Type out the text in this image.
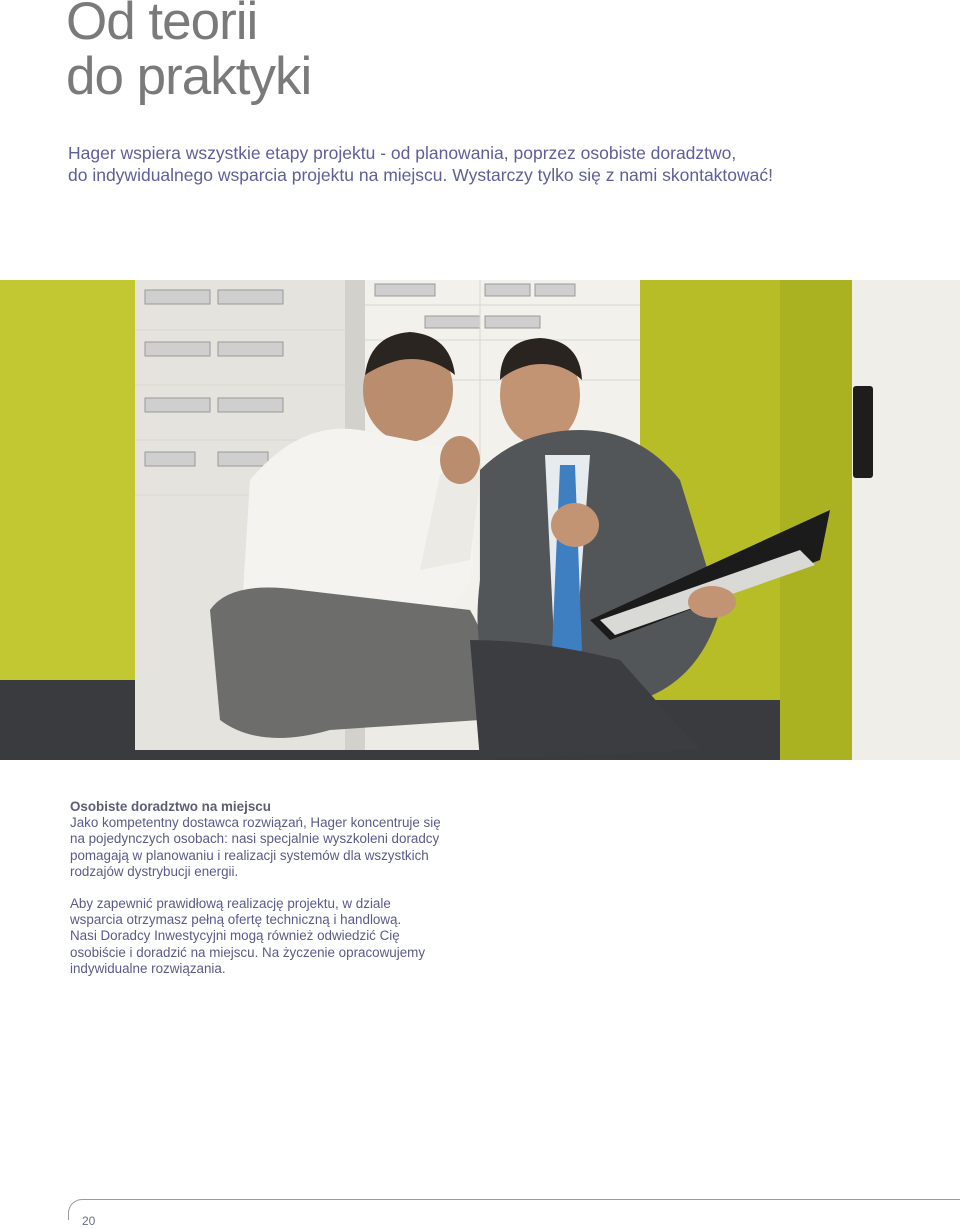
Od teorii
do praktyki
Hager wspiera wszystkie etapy projektu - od planowania, poprzez osobiste doradztwo,
do indywidualnego wsparcia projektu na miejscu. Wystarczy tylko się z nami skontaktować!
Osobiste doradztwo na miejscu
Jako kompetentny dostawca rozwiązań, Hager koncentruje się
na pojedynczych osobach: nasi specjalnie wyszkoleni doradcy
pomagają w planowaniu i realizacji systemów dla wszystkich
rodzajów dystrybucji energii.
Aby zapewnić prawidłową realizację projektu, w dziale
wsparcia otrzymasz pełną ofertę techniczną i handlową.
Nasi Doradcy Inwestycyjni mogą również odwiedzić Cię
osobiście i doradzić na miejscu. Na życzenie opracowujemy
indywidualne rozwiązania.
20
